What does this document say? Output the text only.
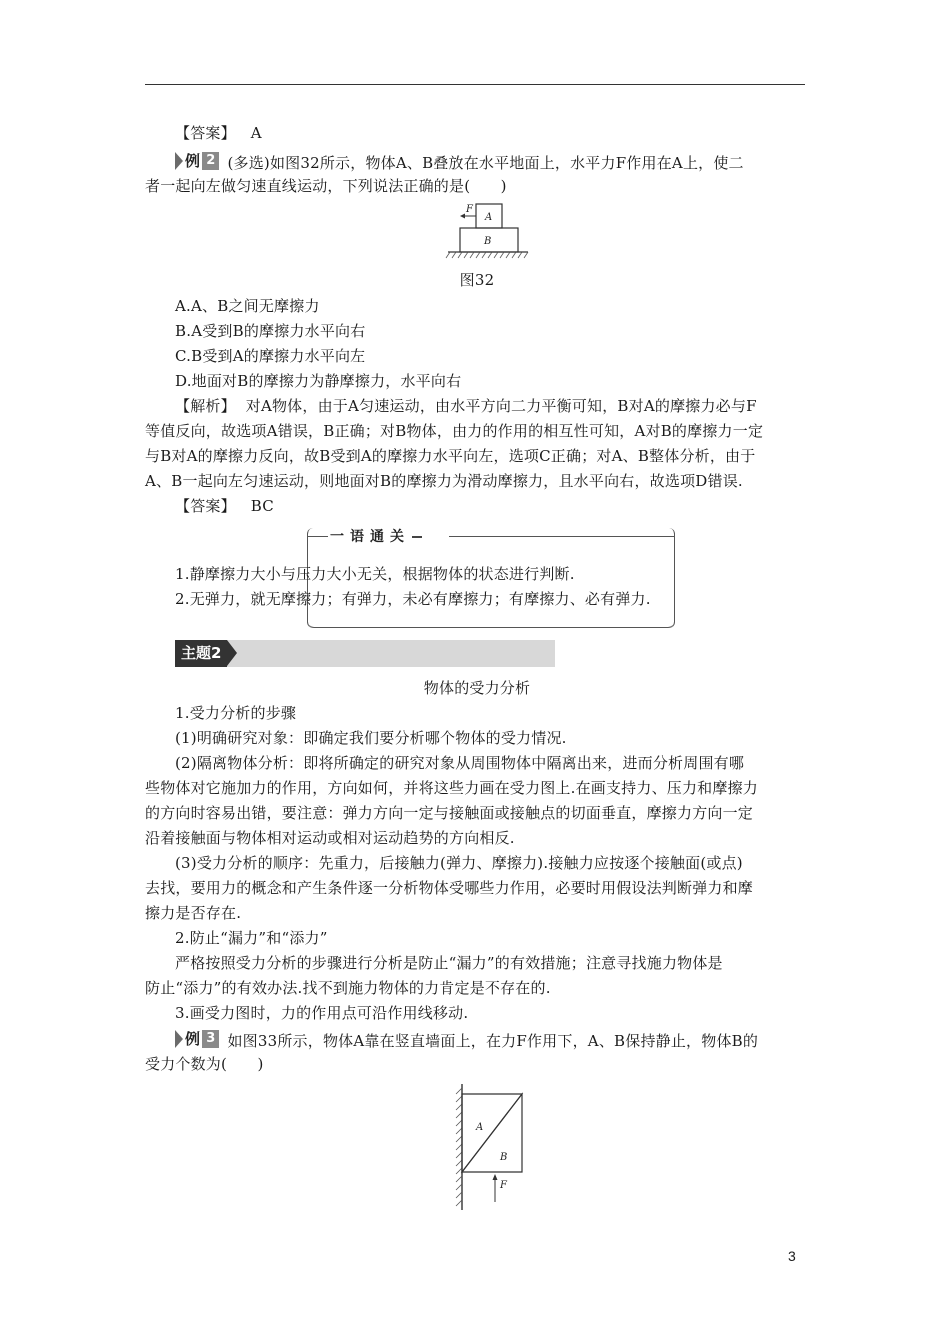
【答案】 A
例 2 (多选)如图32所示，物体A、B叠放在水平地面上，水平力F作用在A上，使二
者一起向左做匀速直线运动，下列说法正确的是(　　)
F
A
B
图32
A.A、B之间无摩擦力
B.A受到B的摩擦力水平向右
C.B受到A的摩擦力水平向左
D.地面对B的摩擦力为静摩擦力，水平向右
【解析】 对A物体，由于A匀速运动，由水平方向二力平衡可知，B对A的摩擦力必与F
等值反向，故选项A错误，B正确；对B物体，由力的作用的相互性可知，A对B的摩擦力一定
与B对A的摩擦力反向，故B受到A的摩擦力水平向左，选项C正确；对A、B整体分析，由于
A、B一起向左匀速运动，则地面对B的摩擦力为滑动摩擦力，且水平向右，故选项D错误.
【答案】 BC
一语通关
1.静摩擦力大小与压力大小无关，根据物体的状态进行判断.
2.无弹力，就无摩擦力；有弹力，未必有摩擦力；有摩擦力、必有弹力.
主题2
物体的受力分析
1.受力分析的步骤
(1)明确研究对象：即确定我们要分析哪个物体的受力情况.
(2)隔离物体分析：即将所确定的研究对象从周围物体中隔离出来，进而分析周围有哪
些物体对它施加力的作用，方向如何，并将这些力画在受力图上.在画支持力、压力和摩擦力
的方向时容易出错，要注意：弹力方向一定与接触面或接触点的切面垂直，摩擦力方向一定
沿着接触面与物体相对运动或相对运动趋势的方向相反.
(3)受力分析的顺序：先重力，后接触力(弹力、摩擦力).接触力应按逐个接触面(或点)
去找，要用力的概念和产生条件逐一分析物体受哪些力作用，必要时用假设法判断弹力和摩
擦力是否存在.
2.防止“漏力”和“添力”
严格按照受力分析的步骤进行分析是防止“漏力”的有效措施；注意寻找施力物体是
防止“添力”的有效办法.找不到施力物体的力肯定是不存在的.
3.画受力图时，力的作用点可沿作用线移动.
例 3 如图33所示，物体A靠在竖直墙面上，在力F作用下，A、B保持静止，物体B的
受力个数为(　　)
A
B
F
3
